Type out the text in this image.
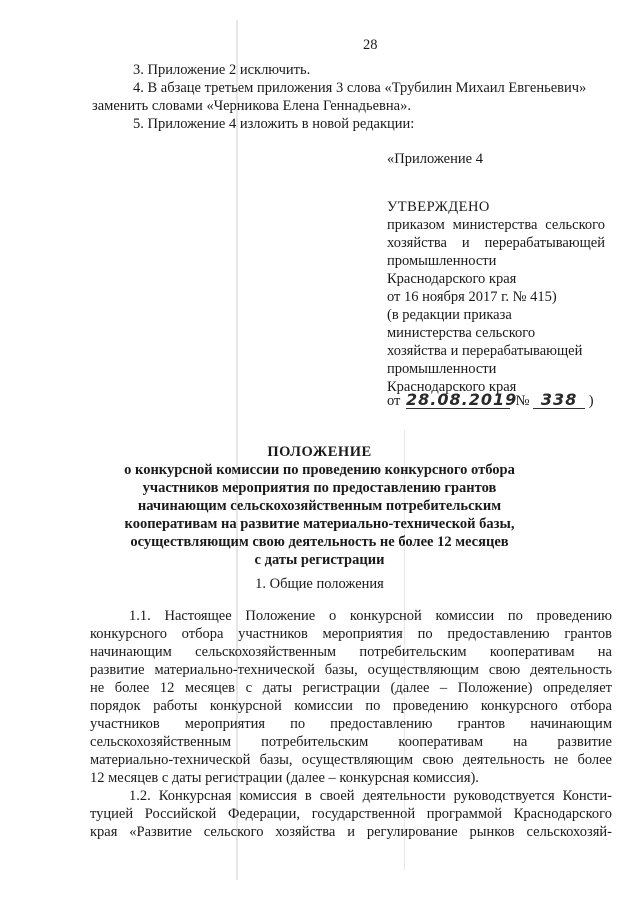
28
3. Приложение 2 исключить.
4. В абзаце третьем приложения 3 слова «Трубилин Михаил Евгеньевич»
заменить словами «Черникова Елена Геннадьевна».
5. Приложение 4 изложить в новой редакции:
«Приложение 4
УТВЕРЖДЕНО
приказом министерства сельского
хозяйства и перерабатывающей
промышленности
Краснодарского края
от 16 ноября 2017 г. № 415)
(в редакции приказа
министерства сельского
хозяйства и перерабатывающей
промышленности
Краснодарского края
от 28.08.2019 № 338 )
ПОЛОЖЕНИЕ
о конкурсной комиссии по проведению конкурсного отбора
участников мероприятия по предоставлению грантов
начинающим сельскохозяйственным потребительским
кооперативам на развитие материально-технической базы,
осуществляющим свою деятельность не более 12 месяцев
с даты регистрации
1. Общие положения
1.1. Настоящее Положение о конкурсной комиссии по проведению
конкурсного отбора участников мероприятия по предоставлению грантов
начинающим сельскохозяйственным потребительским кооперативам на
развитие материально-технической базы, осуществляющим свою деятельность
не более 12 месяцев с даты регистрации (далее – Положение) определяет
порядок работы конкурсной комиссии по проведению конкурсного отбора
участников мероприятия по предоставлению грантов начинающим
сельскохозяйственным потребительским кооперативам на развитие
материально-технической базы, осуществляющим свою деятельность не более
12 месяцев с даты регистрации (далее – конкурсная комиссия).
1.2. Конкурсная комиссия в своей деятельности руководствуется Консти-
туцией Российской Федерации, государственной программой Краснодарского
края «Развитие сельского хозяйства и регулирование рынков сельскохозяй-
